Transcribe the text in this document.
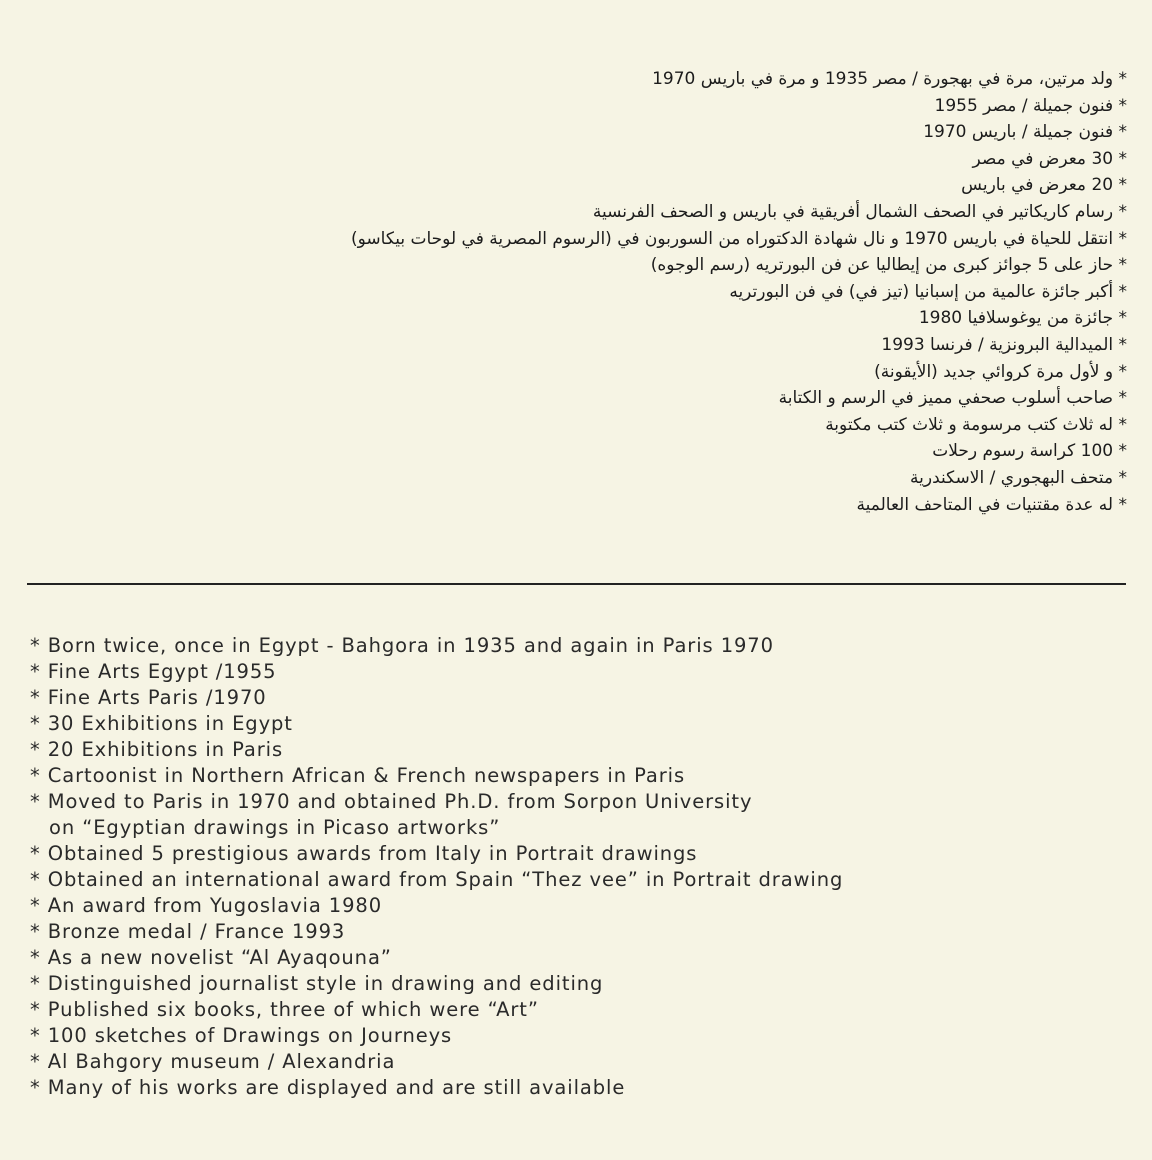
* ولد مرتين، مرة في بهجورة / مصر 1935 و مرة في باريس 1970
* فنون جميلة / مصر 1955
* فنون جميلة / باريس 1970
* 30 معرض في مصر
* 20 معرض في باريس
* رسام كاريكاتير في الصحف الشمال أفريقية في باريس و الصحف الفرنسية
* انتقل للحياة في باريس 1970 و نال شهادة الدكتوراه من السوربون في (الرسوم المصرية في لوحات بيكاسو)
* حاز على 5 جوائز كبرى من إيطاليا عن فن البورتريه (رسم الوجوه)
* أكبر جائزة عالمية من إسبانيا (تيز في) في فن البورتريه
* جائزة من يوغوسلافيا 1980
* الميدالية البرونزية / فرنسا 1993
* و لأول مرة كروائي جديد (الأيقونة)
* صاحب أسلوب صحفي مميز في الرسم و الكتابة
* له ثلاث كتب مرسومة و ثلاث كتب مكتوبة
* 100 كراسة رسوم رحلات
* متحف البهجوري / الاسكندرية
* له عدة مقتنيات في المتاحف العالمية
* Born twice, once in Egypt - Bahgora in 1935 and again in Paris 1970
* Fine Arts Egypt /1955
* Fine Arts Paris /1970
* 30 Exhibitions in Egypt
* 20 Exhibitions in Paris
* Cartoonist in Northern African & French newspapers in Paris
* Moved to Paris in 1970 and obtained Ph.D. from Sorpon University
on “Egyptian drawings in Picaso artworks”
* Obtained 5 prestigious awards from Italy in Portrait drawings
* Obtained an international award from Spain “Thez vee” in Portrait drawing
* An award from Yugoslavia 1980
* Bronze medal / France 1993
* As a new novelist “Al Ayaqouna”
* Distinguished journalist style in drawing and editing
* Published six books, three of which were “Art”
* 100 sketches of Drawings on Journeys
* Al Bahgory museum / Alexandria
* Many of his works are displayed and are still available
